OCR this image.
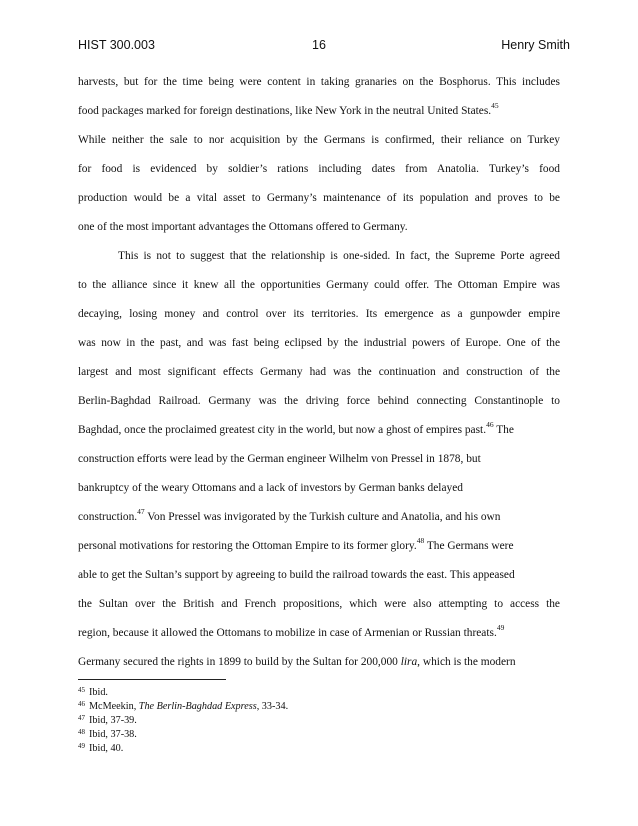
16
HIST 300.003	Henry Smith
harvests, but for the time being were content in taking granaries on the Bosphorus. This includes
food packages marked for foreign destinations, like New York in the neutral United States.$^{45}$
While neither the sale to nor acquisition by the Germans is confirmed, their reliance on Turkey
for food is evidenced by soldier’s rations including dates from Anatolia. Turkey’s food
production would be a vital asset to Germany’s maintenance of its population and proves to be
one of the most important advantages the Ottomans offered to Germany.
This is not to suggest that the relationship is one-sided. In fact, the Supreme Porte agreed
to the alliance since it knew all the opportunities Germany could offer. The Ottoman Empire was
decaying, losing money and control over its territories. Its emergence as a gunpowder empire
was now in the past, and was fast being eclipsed by the industrial powers of Europe. One of the
largest and most significant effects Germany had was the continuation and construction of the
Berlin-Baghdad Railroad. Germany was the driving force behind connecting Constantinople to
Baghdad, once the proclaimed greatest city in the world, but now a ghost of empires past.$^{46}$ The
construction efforts were lead by the German engineer Wilhelm von Pressel in 1878, but
bankruptcy of the weary Ottomans and a lack of investors by German banks delayed
construction.$^{47}$ Von Pressel was invigorated by the Turkish culture and Anatolia, and his own
personal motivations for restoring the Ottoman Empire to its former glory.$^{48}$ The Germans were
able to get the Sultan’s support by agreeing to build the railroad towards the east. This appeased
the Sultan over the British and French propositions, which were also attempting to access the
region, because it allowed the Ottomans to mobilize in case of Armenian or Russian threats.$^{49}$
Germany secured the rights in 1899 to build by the Sultan for 200,000 lira, which is the modern
$^{45}$ Ibid.
$^{46}$ McMeekin, The Berlin-Baghdad Express, 33-34.
$^{47}$ Ibid, 37-39.
$^{48}$ Ibid, 37-38.
$^{49}$ Ibid, 40.
